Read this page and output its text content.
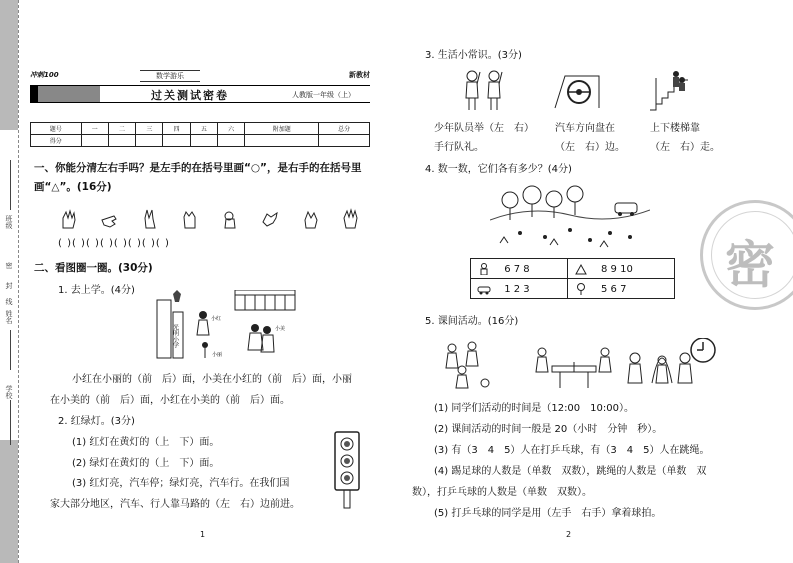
班级
密
封
线
姓名
学校
冲刺100	数学游乐	新教材
过关测试密卷	人教版一年级（上）
题号	一	二	三	四	五	六	附加题	总分
得分								
一、你能分清左右手吗？是左手的在括号里画“○”，是右手的在括号里
画“△”。(16分)
( )( )( )( )( )( )( )( )
二、看图圈一圈。(30分)
1. 去上学。(4分)
光明小学
小红
小美
小丽
小红在小丽的（前　后）面，小美在小红的（前　后）面，小丽
在小美的（前　后）面，小红在小美的（前　后）面。
2. 红绿灯。(3分)
(1) 红灯在黄灯的（上　下）面。
(2) 绿灯在黄灯的（上　下）面。
(3) 红灯亮，汽车停；绿灯亮，汽车行。在我们国
家大部分地区，汽车、行人靠马路的（左　右）边前进。
1
3. 生活小常识。(3分)
少年队员举（左　右）
手行队礼。
汽车方向盘在
（左　右）边。
上下楼梯靠
（左　右）走。
4. 数一数，它们各有多少？(4分)
6 7 8	8 9 10
1 2 3	5 6 7
5. 课间活动。(16分)
(1) 同学们活动的时间是（12:00　10:00）。
(2) 课间活动的时间一般是 20（小时　分钟　秒）。
(3) 有（3　4　5）人在打乒乓球，有（3　4　5）人在跳绳。
(4) 踢足球的人数是（单数　双数），跳绳的人数是（单数　双
数），打乒乓球的人数是（单数　双数）。
(5) 打乒乓球的同学是用（左手　右手）拿着球拍。
2
密
